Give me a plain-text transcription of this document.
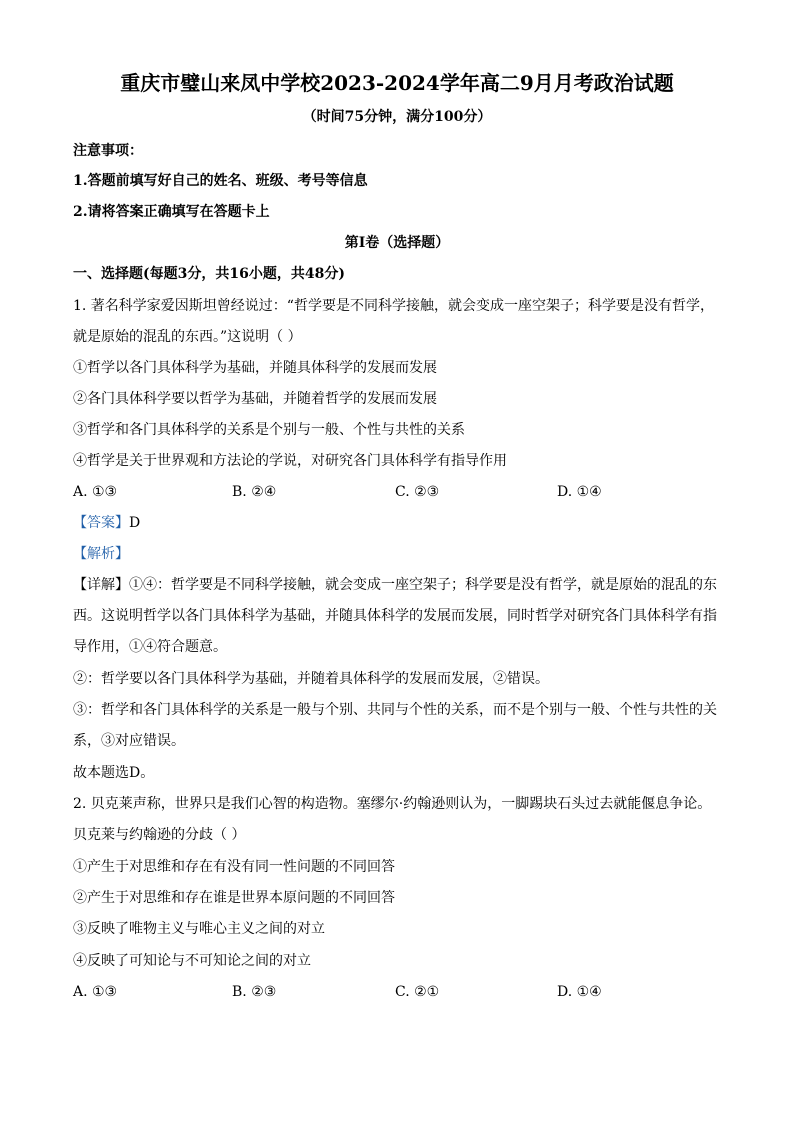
重庆市璧山来凤中学校2023-2024学年高二9月月考政治试题
（时间75分钟，满分100分）
注意事项：
1.答题前填写好自己的姓名、班级、考号等信息
2.请将答案正确填写在答题卡上
第I卷（选择题）
一、选择题(每题3分，共16小题，共48分)
1. 著名科学家爱因斯坦曾经说过：“哲学要是不同科学接触，就会变成一座空架子；科学要是没有哲学，
就是原始的混乱的东西。”这说明（ ）
①哲学以各门具体科学为基础，并随具体科学的发展而发展
②各门具体科学要以哲学为基础，并随着哲学的发展而发展
③哲学和各门具体科学的关系是个别与一般、个性与共性的关系
④哲学是关于世界观和方法论的学说，对研究各门具体科学有指导作用
A. ①③	B. ②④	C. ②③	D. ①④
【答案】D
【解析】
【详解】①④：哲学要是不同科学接触，就会变成一座空架子；科学要是没有哲学，就是原始的混乱的东
西。这说明哲学以各门具体科学为基础，并随具体科学的发展而发展，同时哲学对研究各门具体科学有指
导作用，①④符合题意。
②：哲学要以各门具体科学为基础，并随着具体科学的发展而发展，②错误。
③：哲学和各门具体科学的关系是一般与个别、共同与个性的关系，而不是个别与一般、个性与共性的关
系，③对应错误。
故本题选D。
2. 贝克莱声称，世界只是我们心智的构造物。塞缪尔·约翰逊则认为，一脚踢块石头过去就能偃息争论。
贝克莱与约翰逊的分歧（ ）
①产生于对思维和存在有没有同一性问题的不同回答
②产生于对思维和存在谁是世界本原问题的不同回答
③反映了唯物主义与唯心主义之间的对立
④反映了可知论与不可知论之间的对立
A. ①③	B. ②③	C. ②①	D. ①④
